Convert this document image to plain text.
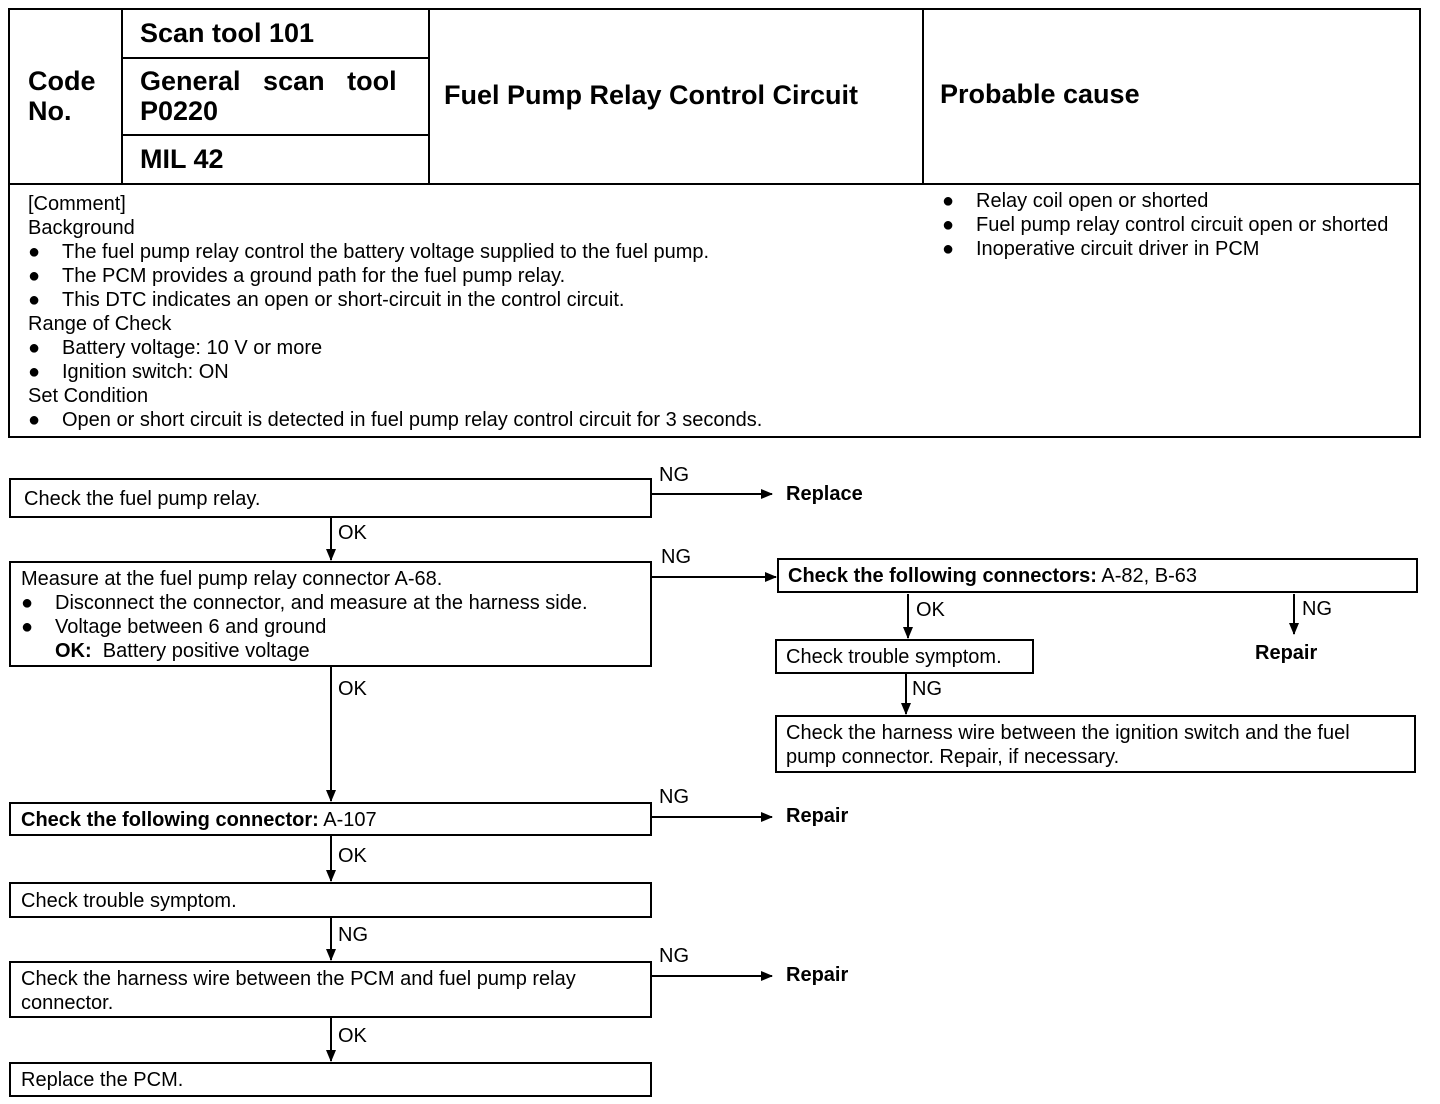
Code
No.
Scan tool 101
General   scan   tool
P0220
MIL 42
Fuel Pump Relay Control Circuit	Probable cause
[Comment]
Background
● The fuel pump relay control the battery voltage supplied to the fuel pump.
● The PCM provides a ground path for the fuel pump relay.
● This DTC indicates an open or short-circuit in the control circuit.
Range of Check
● Battery voltage: 10 V or more
● Ignition switch: ON
Set Condition
● Open or short circuit is detected in fuel pump relay control circuit for 3 seconds.
● Relay coil open or shorted
● Fuel pump relay control circuit open or shorted
● Inoperative circuit driver in PCM
Check the fuel pump relay.
Measure at the fuel pump relay connector A-68.
● Disconnect the connector, and measure at the harness side.
● Voltage between 6 and ground
OK: Battery positive voltage
Check the following connector: A-107
Check trouble symptom.
Check the harness wire between the PCM and fuel pump relay
connector.
Replace the PCM.
Check the following connectors: A-82, B-63
Check trouble symptom.
Check the harness wire between the ignition switch and the fuel
pump connector. Repair, if necessary.
NG
Replace
OK
NG
OK
OK	NG
Repair
NG
NG
Repair
OK
NG
NG
Repair
OK
